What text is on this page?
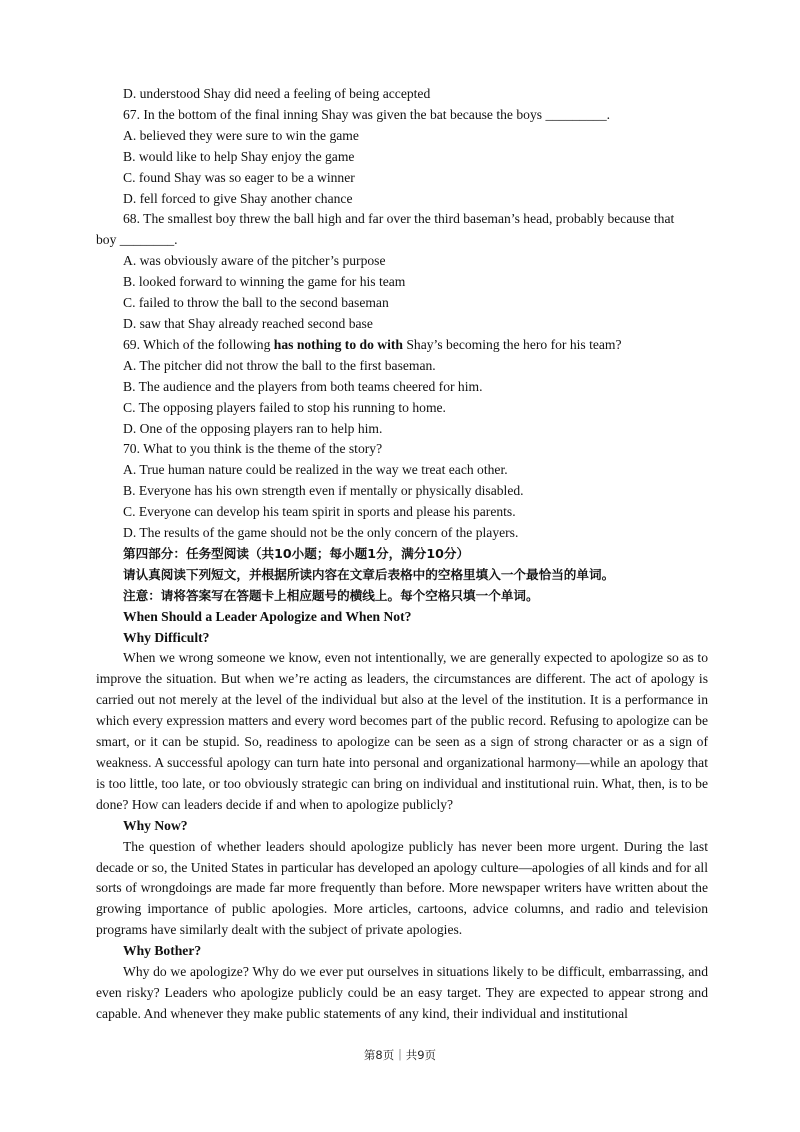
D. understood Shay did need a feeling of being accepted
67. In the bottom of the final inning Shay was given the bat because the boys _________.
A. believed they were sure to win the game
B. would like to help Shay enjoy the game
C. found Shay was so eager to be a winner
D. fell forced to give Shay another chance
68. The smallest boy threw the ball high and far over the third baseman’s head, probably because that
boy ________.
A. was obviously aware of the pitcher’s purpose
B. looked forward to winning the game for his team
C. failed to throw the ball to the second baseman
D. saw that Shay already reached second base
69. Which of the following has nothing to do with Shay’s becoming the hero for his team?
A. The pitcher did not throw the ball to the first baseman.
B. The audience and the players from both teams cheered for him.
C. The opposing players failed to stop his running to home.
D. One of the opposing players ran to help him.
70. What to you think is the theme of the story?
A. True human nature could be realized in the way we treat each other.
B. Everyone has his own strength even if mentally or physically disabled.
C. Everyone can develop his team spirit in sports and please his parents.
D. The results of the game should not be the only concern of the players.
第四部分：任务型阅读（共10小题；每小题1分，满分10分）
请认真阅读下列短文，并根据所读内容在文章后表格中的空格里填入一个最恰当的单词。
注意：请将答案写在答题卡上相应题号的横线上。每个空格只填一个单词。
When Should a Leader Apologize and When Not?
Why Difficult?
When we wrong someone we know, even not intentionally, we are generally expected to apologize so as to improve the situation. But when we’re acting as leaders, the circumstances are different. The act of apology is carried out not merely at the level of the individual but also at the level of the institution. It is a performance in which every expression matters and every word becomes part of the public record. Refusing to apologize can be smart, or it can be stupid. So, readiness to apologize can be seen as a sign of strong character or as a sign of weakness. A successful apology can turn hate into personal and organizational harmony—while an apology that is too little, too late, or too obviously strategic can bring on individual and institutional ruin. What, then, is to be done? How can leaders decide if and when to apologize publicly?
Why Now?
The question of whether leaders should apologize publicly has never been more urgent. During the last decade or so, the United States in particular has developed an apology culture—apologies of all kinds and for all sorts of wrongdoings are made far more frequently than before. More newspaper writers have written about the growing importance of public apologies. More articles, cartoons, advice columns, and radio and television programs have similarly dealt with the subject of private apologies.
Why Bother?
Why do we apologize? Why do we ever put ourselves in situations likely to be difficult, embarrassing, and even risky? Leaders who apologize publicly could be an easy target. They are expected to appear strong and capable. And whenever they make public statements of any kind, their individual and institutional
第8页｜共9页
